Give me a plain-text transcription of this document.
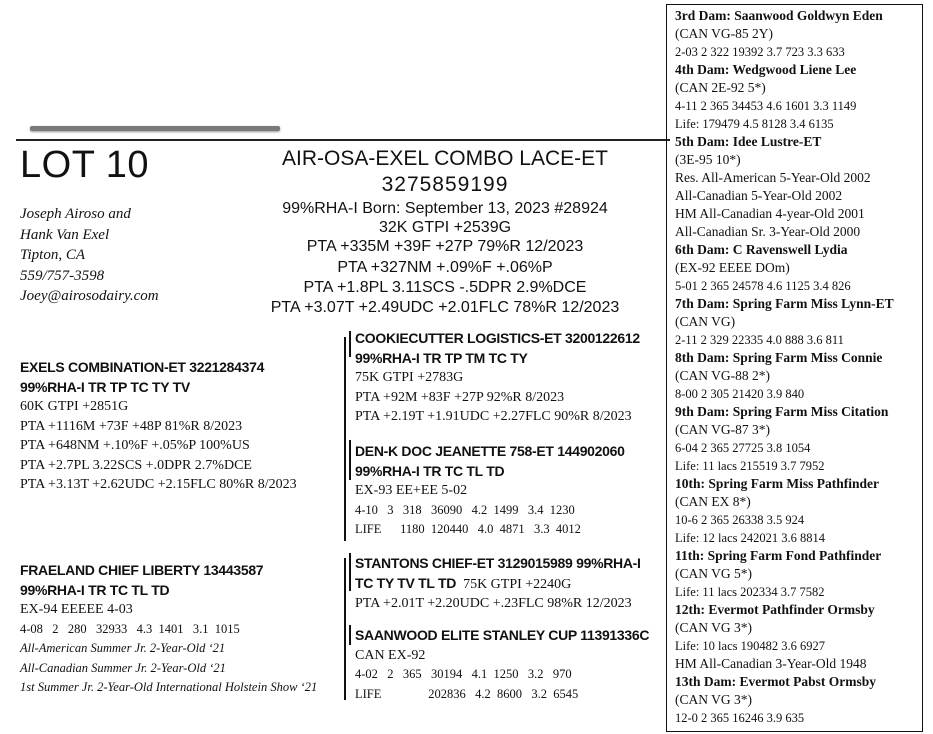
LOT 10
Joseph Airoso and
Hank Van Exel
Tipton, CA
559/757-3598
Joey@airosodairy.com
AIR-OSA-EXEL COMBO LACE-ET
3275859199
99%RHA-I Born: September 13, 2023 #28924
32K GTPI +2539G
PTA +335M +39F +27P 79%R 12/2023
PTA +327NM +.09%F +.06%P
PTA +1.8PL 3.11SCS -.5DPR 2.9%DCE
PTA +3.07T +2.49UDC +2.01FLC 78%R 12/2023
EXELS COMBINATION-ET 3221284374
99%RHA-I TR TP TC TY TV
60K GTPI +2851G
PTA +1116M +73F +48P 81%R 8/2023
PTA +648NM +.10%F +.05%P 100%US
PTA +2.7PL 3.22SCS +.0DPR 2.7%DCE
PTA +3.13T +2.62UDC +2.15FLC 80%R 8/2023
FRAELAND CHIEF LIBERTY 13443587
99%RHA-I TR TC TL TD
EX-94 EEEEE 4-03
4-08   2   280   32933   4.3  1401   3.1  1015
All-American Summer Jr. 2-Year-Old ‘21
All-Canadian Summer Jr. 2-Year-Old ‘21
1st Summer Jr. 2-Year-Old International Holstein Show ‘21
COOKIECUTTER LOGISTICS-ET 3200122612
99%RHA-I TR TP TM TC TY
75K GTPI +2783G
PTA +92M +83F +27P 92%R 8/2023
PTA +2.19T +1.91UDC +2.27FLC 90%R 8/2023
DEN-K DOC JEANETTE 758-ET 144902060
99%RHA-I TR TC TL TD
EX-93 EE+EE 5-02
4-10   3   318   36090   4.2  1499   3.4  1230
LIFE      1180  120440   4.0  4871   3.3  4012
STANTONS CHIEF-ET 3129015989 99%RHA-I
TC TY TV TL TD 75K GTPI +2240G
PTA +2.01T +2.20UDC +.23FLC 98%R 12/2023
SAANWOOD ELITE STANLEY CUP 11391336C
CAN EX-92
4-02   2   365   30194   4.1  1250   3.2   970
LIFE               202836   4.2  8600   3.2  6545
3rd Dam: Saanwood Goldwyn Eden
(CAN VG-85 2Y)
2-03 2 322 19392 3.7 723 3.3 633
4th Dam: Wedgwood Liene Lee
(CAN 2E-92 5*)
4-11 2 365 34453 4.6 1601 3.3 1149
Life: 179479 4.5 8128 3.4 6135
5th Dam: Idee Lustre-ET
(3E-95 10*)
Res. All-American 5-Year-Old 2002
All-Canadian 5-Year-Old 2002
HM All-Canadian 4-year-Old 2001
All-Canadian Sr. 3-Year-Old 2000
6th Dam: C Ravenswell Lydia
(EX-92 EEEE DOm)
5-01 2 365 24578 4.6 1125 3.4 826
7th Dam: Spring Farm Miss Lynn-ET
(CAN VG)
2-11 2 329 22335 4.0 888 3.6 811
8th Dam: Spring Farm Miss Connie
(CAN VG-88 2*)
8-00 2 305 21420 3.9 840
9th Dam: Spring Farm Miss Citation
(CAN VG-87 3*)
6-04 2 365 27725 3.8 1054
Life: 11 lacs 215519 3.7 7952
10th: Spring Farm Miss Pathfinder
(CAN EX 8*)
10-6 2 365 26338 3.5 924
Life: 12 lacs 242021 3.6 8814
11th: Spring Farm Fond Pathfinder
(CAN VG 5*)
Life: 11 lacs 202334 3.7 7582
12th: Evermot Pathfinder Ormsby
(CAN VG 3*)
Life: 10 lacs 190482 3.6 6927
HM All-Canadian 3-Year-Old 1948
13th Dam: Evermot Pabst Ormsby
(CAN VG 3*)
12-0 2 365 16246 3.9 635
